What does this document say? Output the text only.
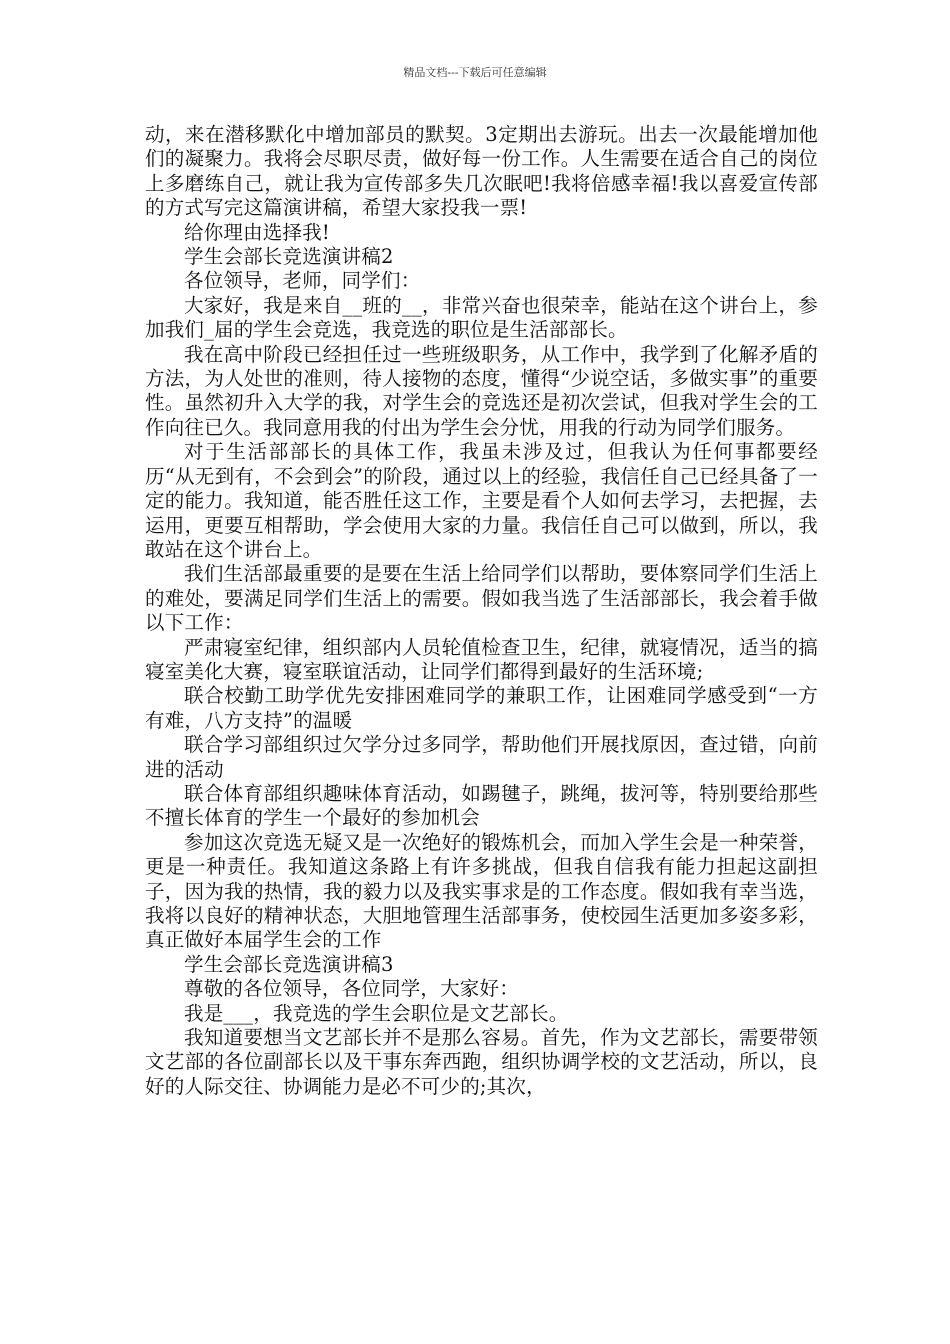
精品文档---下载后可任意编辑

动，来在潜移默化中增加部员的默契。3定期出去游玩。出去一次最能增加他们的凝聚力。我将会尽职尽责，做好每一份工作。人生需要在适合自己的岗位上多磨练自己，就让我为宣传部多失几次眠吧!我将倍感幸福!我以喜爱宣传部的方式写完这篇演讲稿，希望大家投我一票!

给你理由选择我!

学生会部长竞选演讲稿2

各位领导，老师，同学们：

大家好，我是来自__班的__，非常兴奋也很荣幸，能站在这个讲台上，参加我们_届的学生会竞选，我竞选的职位是生活部部长。

我在高中阶段已经担任过一些班级职务，从工作中，我学到了化解矛盾的方法，为人处世的准则，待人接物的态度，懂得“少说空话，多做实事”的重要性。虽然初升入大学的我，对学生会的竞选还是初次尝试，但我对学生会的工作向往已久。我同意用我的付出为学生会分忧，用我的行动为同学们服务。

对于生活部部长的具体工作，我虽未涉及过，但我认为任何事都要经历“从无到有，不会到会”的阶段，通过以上的经验，我信任自己已经具备了一定的能力。我知道，能否胜任这工作，主要是看个人如何去学习，去把握，去运用，更要互相帮助，学会使用大家的力量。我信任自己可以做到，所以，我敢站在这个讲台上。

我们生活部最重要的是要在生活上给同学们以帮助，要体察同学们生活上的难处，要满足同学们生活上的需要。假如我当选了生活部部长，我会着手做以下工作：

严肃寝室纪律，组织部内人员轮值检查卫生，纪律，就寝情况，适当的搞寝室美化大赛，寝室联谊活动，让同学们都得到最好的生活环境;

联合校勤工助学优先安排困难同学的兼职工作，让困难同学感受到“一方有难，八方支持”的温暖

联合学习部组织过欠学分过多同学，帮助他们开展找原因，查过错，向前进的活动

联合体育部组织趣味体育活动，如踢毽子，跳绳，拔河等，特别要给那些不擅长体育的学生一个最好的参加机会

参加这次竞选无疑又是一次绝好的锻炼机会，而加入学生会是一种荣誉，更是一种责任。我知道这条路上有许多挑战，但我自信我有能力担起这副担子，因为我的热情，我的毅力以及我实事求是的工作态度。假如我有幸当选，我将以良好的精神状态，大胆地管理生活部事务，使校园生活更加多姿多彩，真正做好本届学生会的工作

学生会部长竞选演讲稿3

尊敬的各位领导，各位同学，大家好：

我是___，我竞选的学生会职位是文艺部长。

我知道要想当文艺部长并不是那么容易。首先，作为文艺部长，需要带领文艺部的各位副部长以及干事东奔西跑，组织协调学校的文艺活动，所以，良好的人际交往、协调能力是必不可少的;其次，
